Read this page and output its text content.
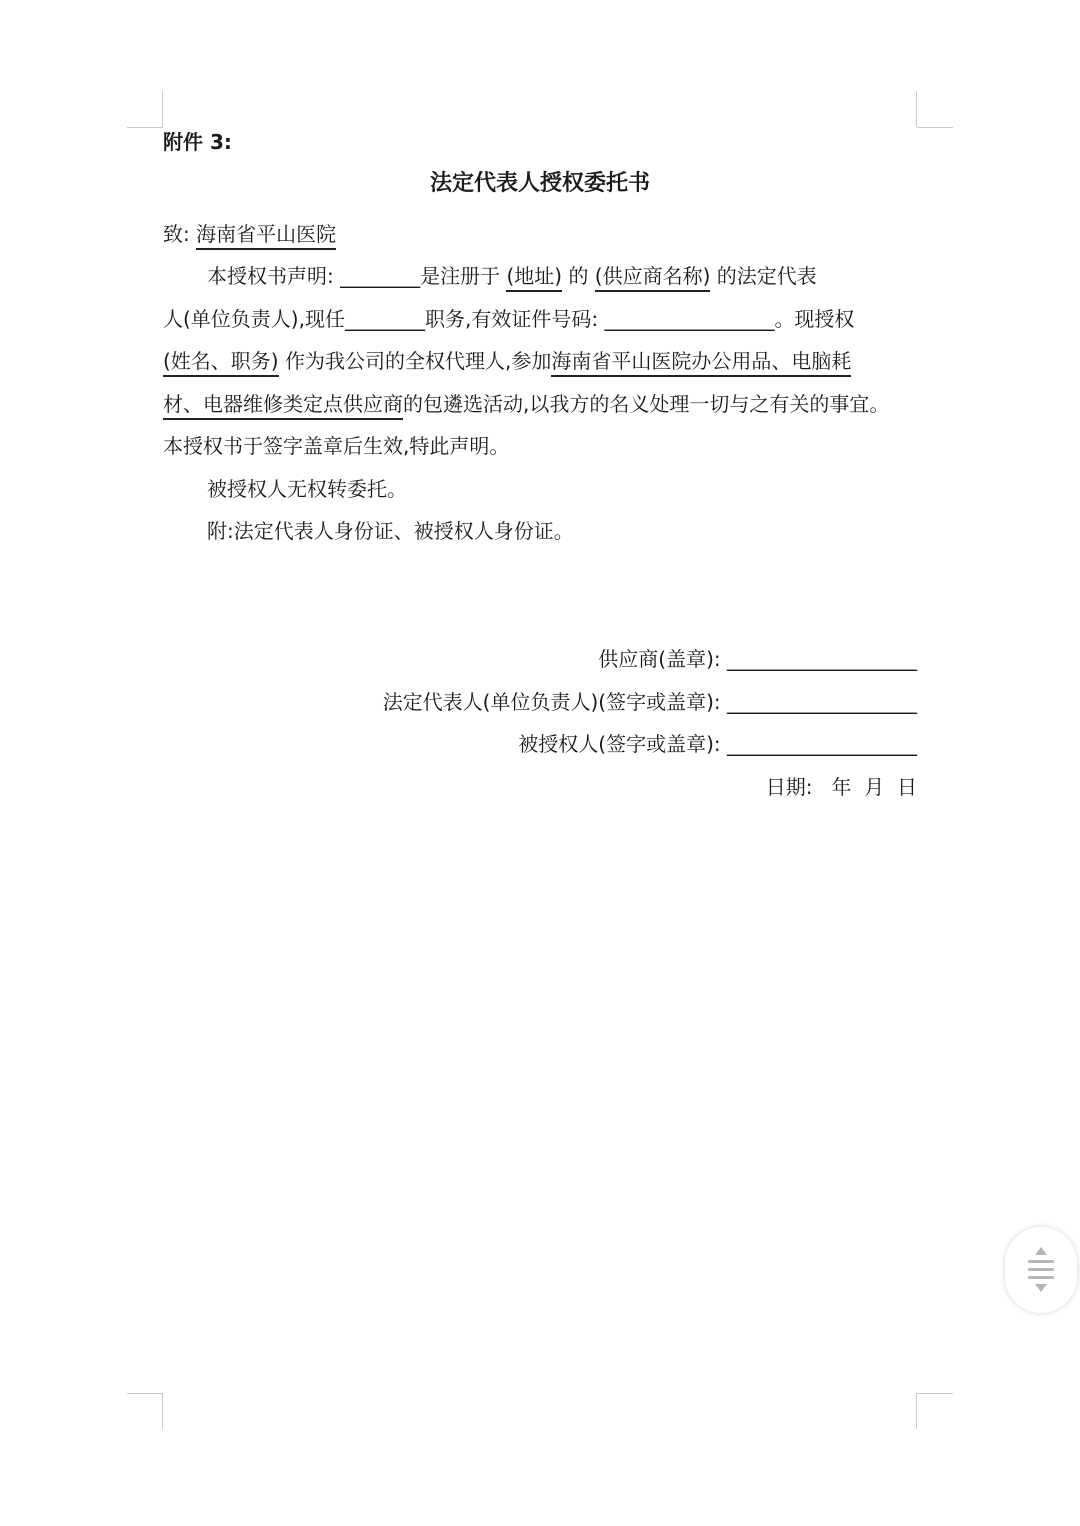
附件 3:
法定代表人授权委托书
致: 海南省平山医院
本授权书声明: ________是注册于 (地址) 的 (供应商名称) 的法定代表
人(单位负责人),现任________职务,有效证件号码: _________________。现授权
(姓名、职务) 作为我公司的全权代理人,参加海南省平山医院办公用品、电脑耗
材、电器维修类定点供应商的包遴选活动,以我方的名义处理一切与之有关的事宜。
本授权书于签字盖章后生效,特此声明。
被授权人无权转委托。
附:法定代表人身份证、被授权人身份证。
供应商(盖章): ___________________
法定代表人(单位负责人)(签字或盖章): ___________________
被授权人(签字或盖章): ___________________
日期:   年  月  日
